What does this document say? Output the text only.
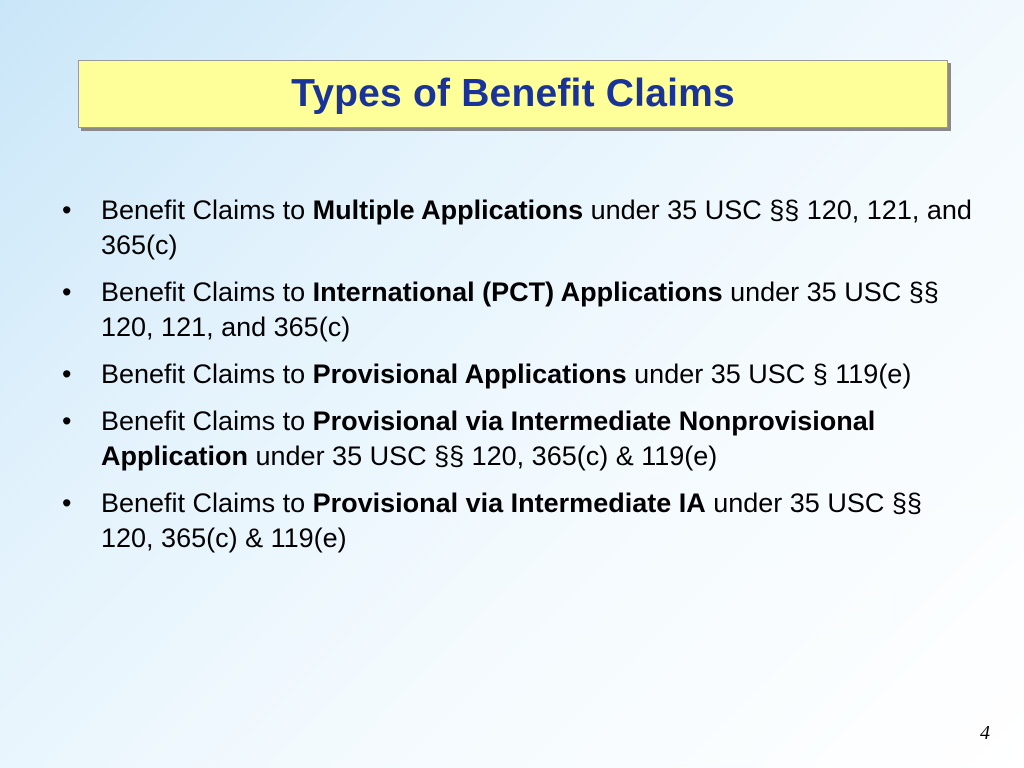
Types of Benefit Claims
• Benefit Claims to Multiple Applications under 35 USC §§ 120, 121, and 365(c)
• Benefit Claims to International (PCT) Applications under 35 USC §§ 120, 121, and 365(c)
• Benefit Claims to Provisional Applications under 35 USC § 119(e)
• Benefit Claims to Provisional via Intermediate Nonprovisional Application under 35 USC §§ 120, 365(c) & 119(e)
• Benefit Claims to Provisional via Intermediate IA under 35 USC §§ 120, 365(c) & 119(e)
4
